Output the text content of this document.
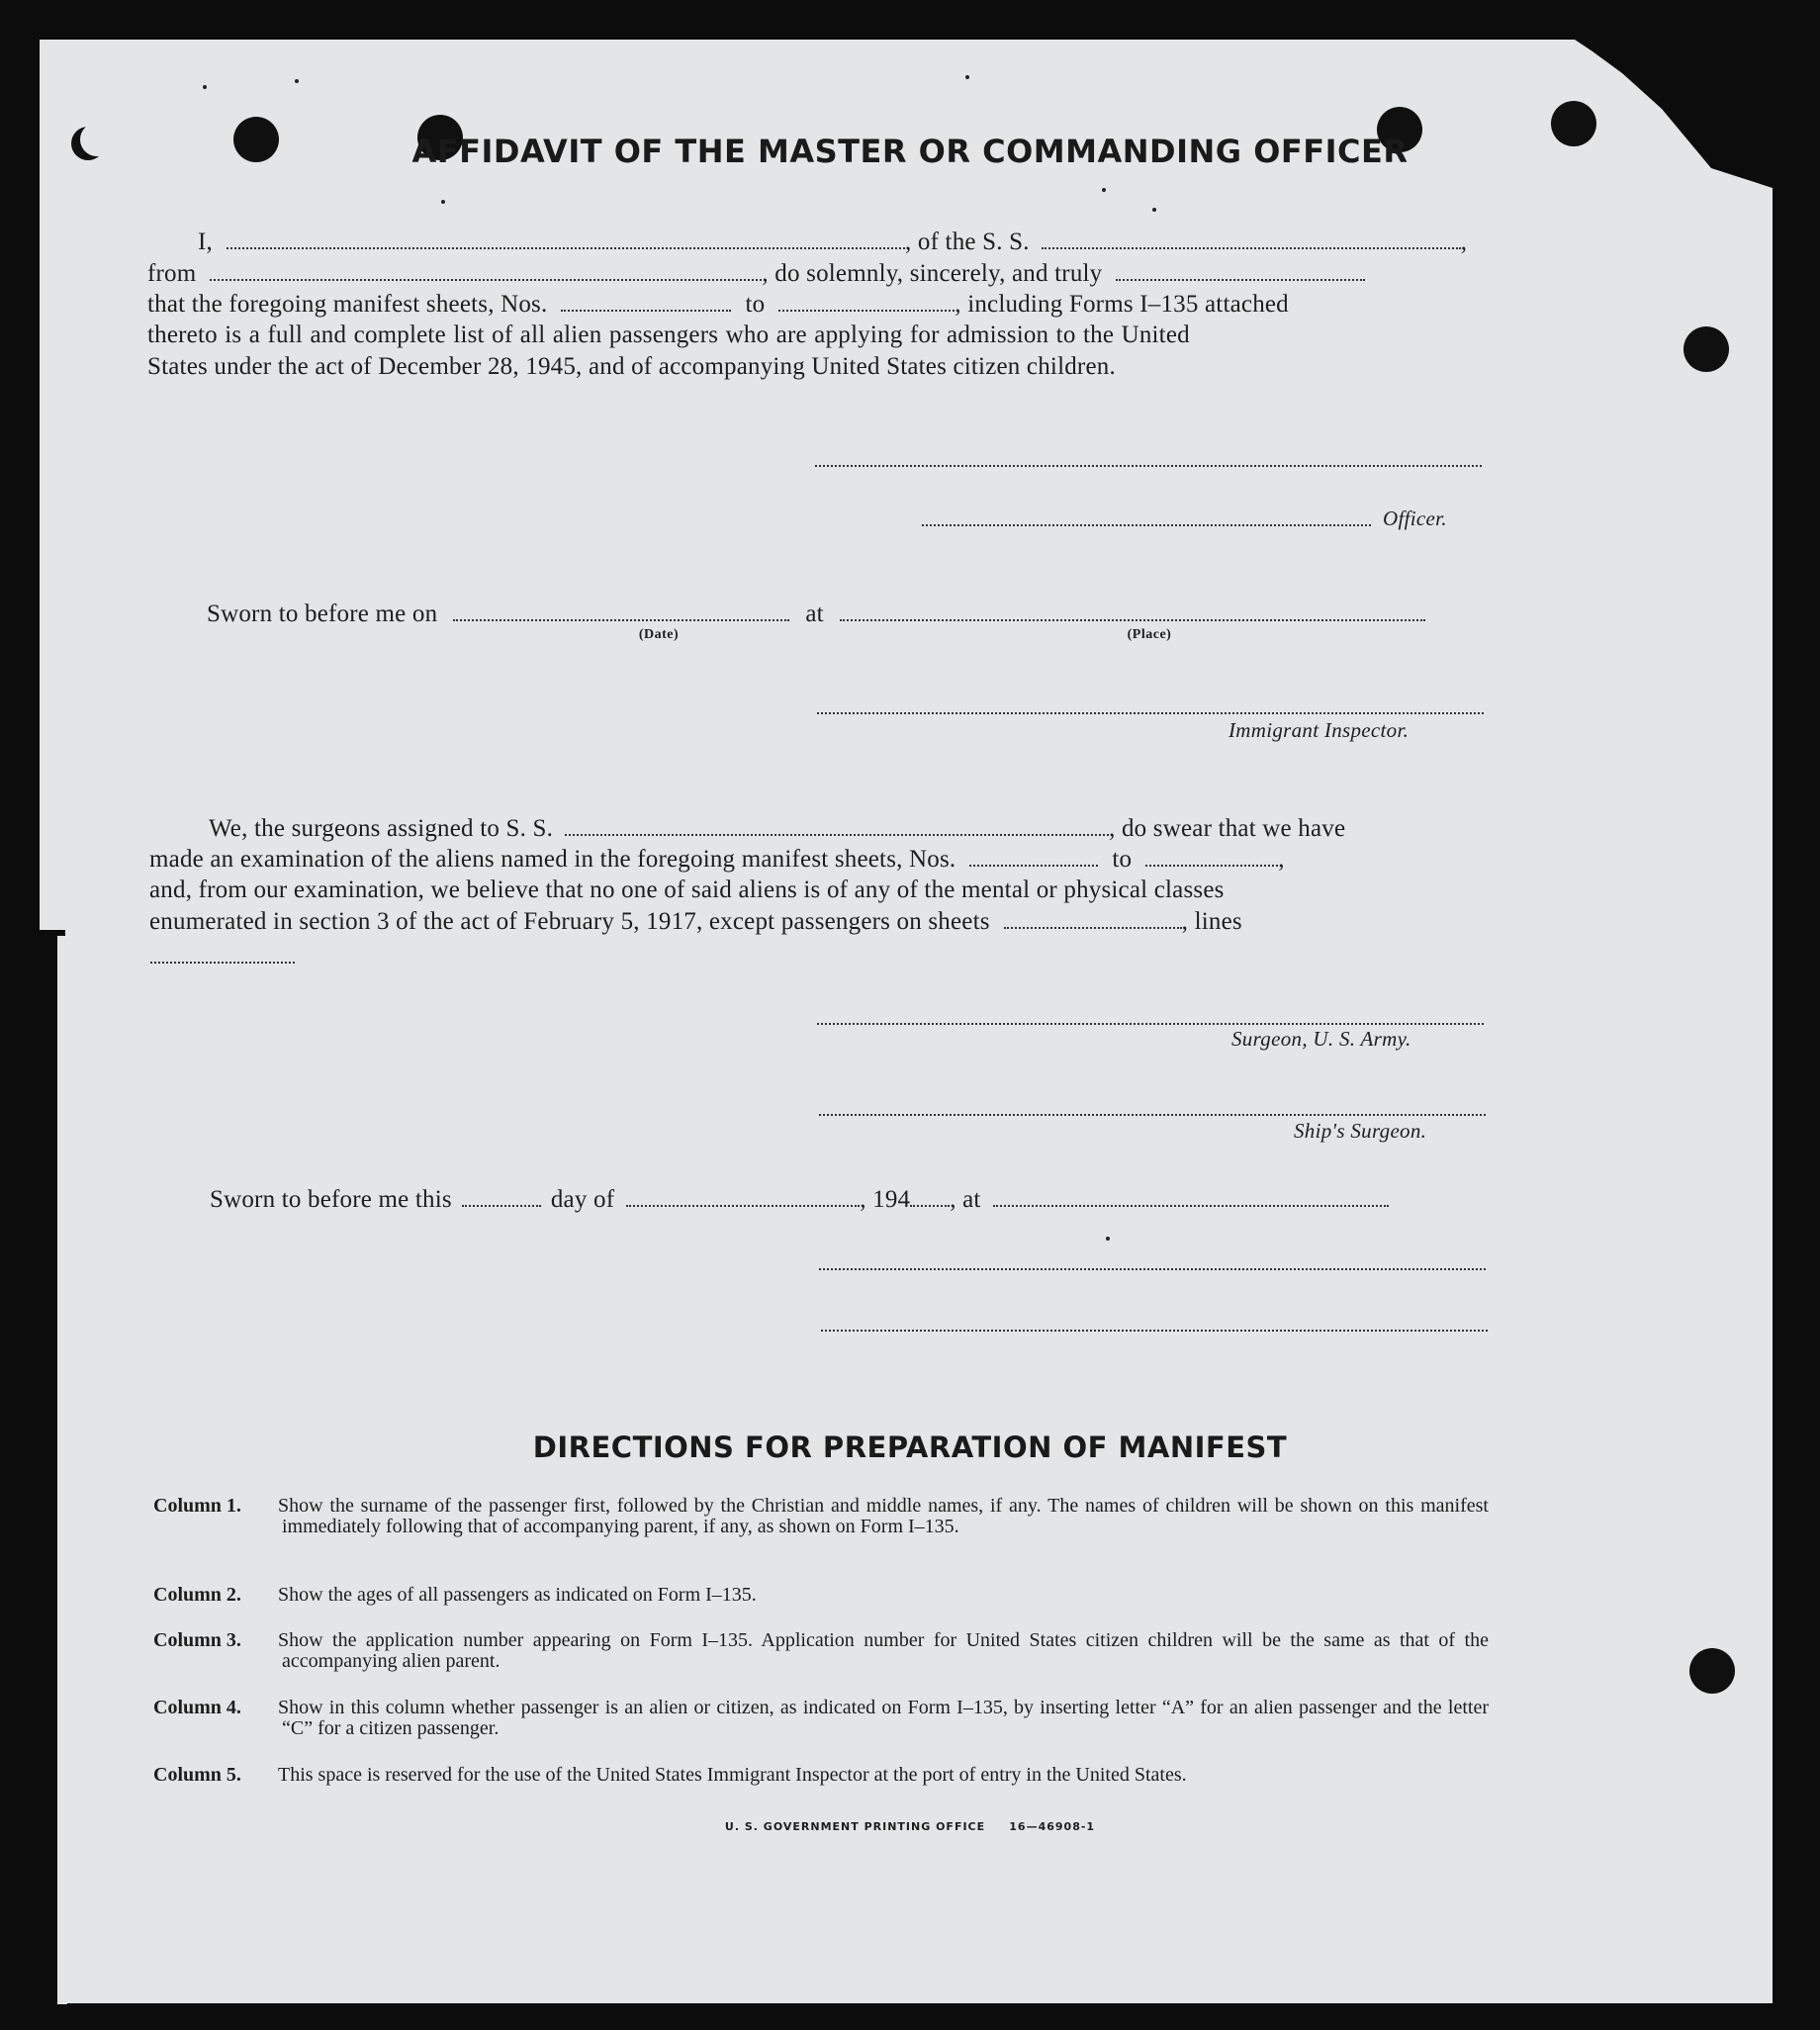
AFFIDAVIT OF THE MASTER OR COMMANDING OFFICER
I,	, of the S. S.	,
from	, do solemnly, sincerely, and truly
that the foregoing manifest sheets, Nos.	to	, including Forms I–135 attached
thereto is a full and complete list of all alien passengers who are applying for admission to the United
States under the act of December 28, 1945, and of accompanying United States citizen children.
Officer.
Sworn to before me on	at
(Date)	(Place)
Immigrant Inspector.
We, the surgeons assigned to S. S.	, do swear that we have
made an examination of the aliens named in the foregoing manifest sheets, Nos.	to	,
and, from our examination, we believe that no one of said aliens is of any of the mental or physical classes
enumerated in section 3 of the act of February 5, 1917, except passengers on sheets	, lines
Surgeon, U. S. Army.
Ship's Surgeon.
Sworn to before me this	day of	, 194 , at
DIRECTIONS FOR PREPARATION OF MANIFEST
Column 1. Show the surname of the passenger first, followed by the Christian and middle names, if any. The names of children will be shown on this manifest immediately following that of accompanying parent, if any, as shown on Form I–135.
Column 2. Show the ages of all passengers as indicated on Form I–135.
Column 3. Show the application number appearing on Form I–135. Application number for United States citizen children will be the same as that of the accompanying alien parent.
Column 4. Show in this column whether passenger is an alien or citizen, as indicated on Form I–135, by inserting letter “A” for an alien passenger and the letter “C” for a citizen passenger.
Column 5. This space is reserved for the use of the United States Immigrant Inspector at the port of entry in the United States.
U. S. GOVERNMENT PRINTING OFFICE     16—46908-1
